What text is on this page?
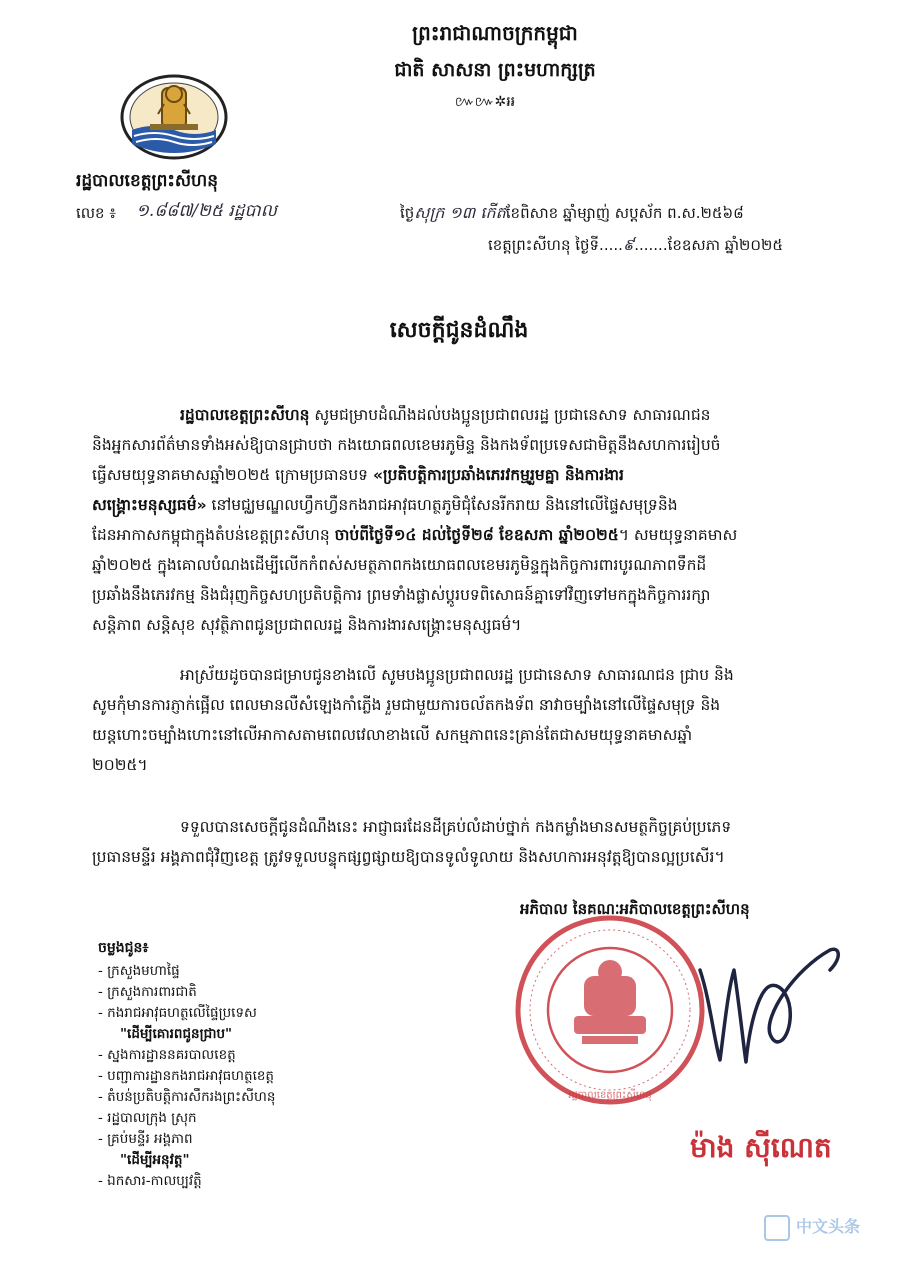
ព្រះរាជាណាចក្រកម្ពុជា
ជាតិ សាសនា ព្រះមហាក្សត្រ
៚៚✲៛៛
រដ្ឋបាលខេត្តព្រះសីហនុ
លេខ ៖ ១.៨៨៧/២៥ រដ្ឋបាល	ថ្ងៃសុក្រ ១៣ កើតខែពិសាខ ឆ្នាំម្សាញ់ សប្តស័ក ព.ស.២៥៦៨
ខេត្តព្រះសីហនុ ថ្ងៃទី.....៩.......ខែឧសភា ឆ្នាំ២០២៥
សេចក្តីជូនដំណឹង
រដ្ឋបាលខេត្តព្រះសីហនុ សូមជម្រាបដំណឹងដល់បងប្អូនប្រជាពលរដ្ឋ ប្រជានេសាទ សាធារណជន
និងអ្នកសារព័ត៌មានទាំងអស់ឱ្យបានជ្រាបថា កងយោធពលខេមរភូមិន្ទ និងកងទ័ពប្រទេសជាមិត្តនឹងសហការរៀបចំ
ធ្វើសមយុទ្ធនាគមាសឆ្នាំ២០២៥ ក្រោមប្រធានបទ «ប្រតិបត្តិការប្រឆាំងភេរវកម្មរួមគ្នា និងការងារ
សង្គ្រោះមនុស្សធម៌» នៅមជ្ឈមណ្ឌលហ្វឹកហ្វឺនកងរាជអាវុធហត្ថភូមិជុំសែនរីករាយ និងនៅលើផ្ទៃសមុទ្រនិង
ដែនអាកាសកម្ពុជាក្នុងតំបន់ខេត្តព្រះសីហនុ ចាប់ពីថ្ងៃទី១៤ ដល់ថ្ងៃទី២៨ ខែឧសភា ឆ្នាំ២០២៥។ សមយុទ្ធនាគមាស
ឆ្នាំ២០២៥ ក្នុងគោលបំណងដើម្បីលើកកំពស់សមត្ថភាពកងយោធពលខេមរភូមិន្ទក្នុងកិច្ចការពារបូរណភាពទឹកដី
ប្រឆាំងនឹងភេរវកម្ម និងជំរុញកិច្ចសហប្រតិបត្តិការ ព្រមទាំងផ្លាស់ប្តូរបទពិសោធន៍គ្នាទៅវិញទៅមកក្នុងកិច្ចការរក្សា
សន្តិភាព សន្តិសុខ សុវត្ថិភាពជូនប្រជាពលរដ្ឋ និងការងារសង្គ្រោះមនុស្សធម៌។
អាស្រ័យដូចបានជម្រាបជូនខាងលើ សូមបងប្អូនប្រជាពលរដ្ឋ ប្រជានេសាទ សាធារណជន ជ្រាប និង
សូមកុំមានការភ្ញាក់ផ្អើល ពេលមានលឺសំឡេងកាំភ្លើង រួមជាមួយការចល័តកងទ័ព នាវាចម្បាំងនៅលើផ្ទៃសមុទ្រ និង
យន្តហោះចម្បាំងហោះនៅលើអាកាសតាមពេលវេលាខាងលើ សកម្មភាពនេះគ្រាន់តែជាសមយុទ្ធនាគមាសឆ្នាំ
២០២៥។
ទទួលបានសេចក្តីជូនដំណឹងនេះ អាជ្ញាធរដែនដីគ្រប់លំដាប់ថ្នាក់ កងកម្លាំងមានសមត្ថកិច្ចគ្រប់ប្រភេទ
ប្រធានមន្ទីរ អង្គភាពជុំវិញខេត្ត ត្រូវទទួលបន្ទុកផ្សព្វផ្សាយឱ្យបានទូលំទូលាយ និងសហការអនុវត្តឱ្យបានល្អប្រសើរ។
អភិបាល នៃគណៈអភិបាលខេត្តព្រះសីហនុ
រដ្ឋបាលខេត្តព្រះសីហនុ
ម៉ាង ស៊ីណេត
ចម្លងជូន៖
- ក្រសួងមហាផ្ទៃ
- ក្រសួងការពារជាតិ
- កងរាជអាវុធហត្ថលើផ្ទៃប្រទេស
"ដើម្បីគោរពជូនជ្រាប"
- ស្នងការដ្ឋាននគរបាលខេត្ត
- បញ្ជាការដ្ឋានកងរាជអាវុធហត្ថខេត្ត
- តំបន់ប្រតិបត្តិការសឹករងព្រះសីហនុ
- រដ្ឋបាលក្រុង ស្រុក
- គ្រប់មន្ទីរ អង្គភាព
"ដើម្បីអនុវត្ត"
- ឯកសារ-កាលប្បវត្តិ
中文头条
